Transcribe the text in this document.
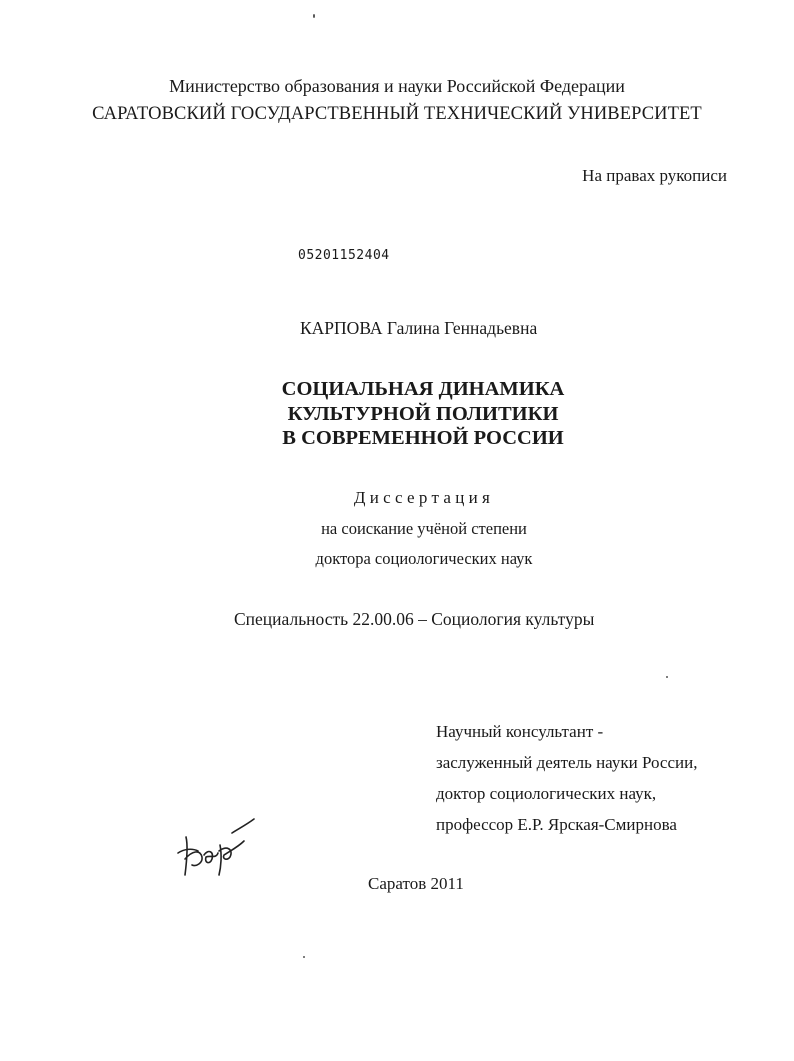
Министерство образования и науки Российской Федерации

САРАТОВСКИЙ ГОСУДАРСТВЕННЫЙ ТЕХНИЧЕСКИЙ УНИВЕРСИТЕТ

На правах рукописи

05201152404

КАРПОВА Галина Геннадьевна

СОЦИАЛЬНАЯ ДИНАМИКА

КУЛЬТУРНОЙ ПОЛИТИКИ

В СОВРЕМЕННОЙ РОССИИ

Диссертация

на соискание учёной степени

доктора социологических наук

Специальность 22.00.06 – Социология культуры

Научный консультант -

заслуженный деятель науки России,

доктор социологических наук,

профессор Е.Р. Ярская-Смирнова

Саратов 2011
